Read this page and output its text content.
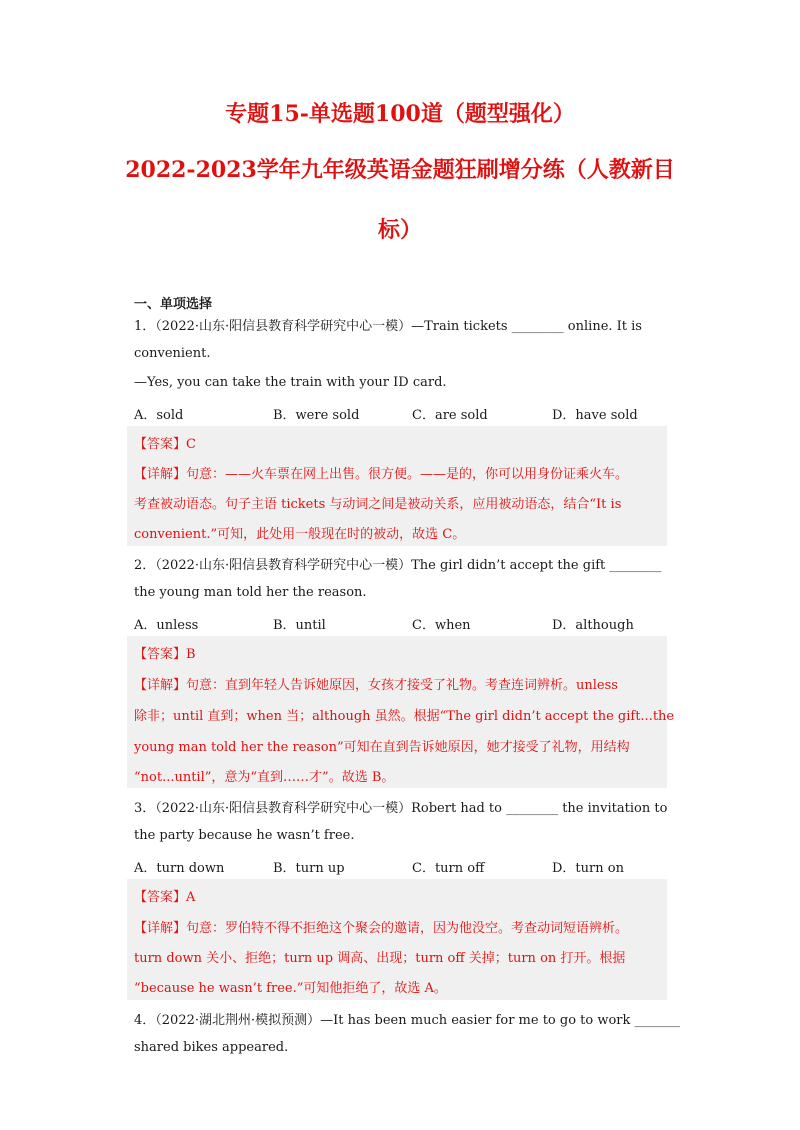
专题15-单选题100道（题型强化）
2022-2023学年九年级英语金题狂刷增分练（人教新目
标）
一、单项选择
1．（2022·山东·阳信县教育科学研究中心一模）—Train tickets ________ online. It is
convenient.
—Yes, you can take the train with your ID card.
A．sold	B．were sold	C．are sold	D．have sold
【答案】C
【详解】句意：——火车票在网上出售。很方便。——是的，你可以用身份证乘火车。
考查被动语态。句子主语 tickets 与动词之间是被动关系，应用被动语态，结合“It is
convenient.”可知，此处用一般现在时的被动，故选 C。
2．（2022·山东·阳信县教育科学研究中心一模）The girl didn’t accept the gift ________
the young man told her the reason.
A．unless	B．until	C．when	D．although
【答案】B
【详解】句意：直到年轻人告诉她原因，女孩才接受了礼物。考查连词辨析。unless
除非；until 直到；when 当；although 虽然。根据“The girl didn’t accept the gift...the
young man told her the reason”可知在直到告诉她原因，她才接受了礼物，用结构
“not...until”，意为“直到……才”。故选 B。
3．（2022·山东·阳信县教育科学研究中心一模）Robert had to ________ the invitation to
the party because he wasn’t free.
A．turn down	B．turn up	C．turn off	D．turn on
【答案】A
【详解】句意：罗伯特不得不拒绝这个聚会的邀请，因为他没空。考查动词短语辨析。
turn down 关小、拒绝；turn up 调高、出现；turn off 关掉；turn on 打开。根据
“because he wasn’t free.”可知他拒绝了，故选 A。
4．（2022·湖北荆州·模拟预测）—It has been much easier for me to go to work _______
shared bikes appeared.
